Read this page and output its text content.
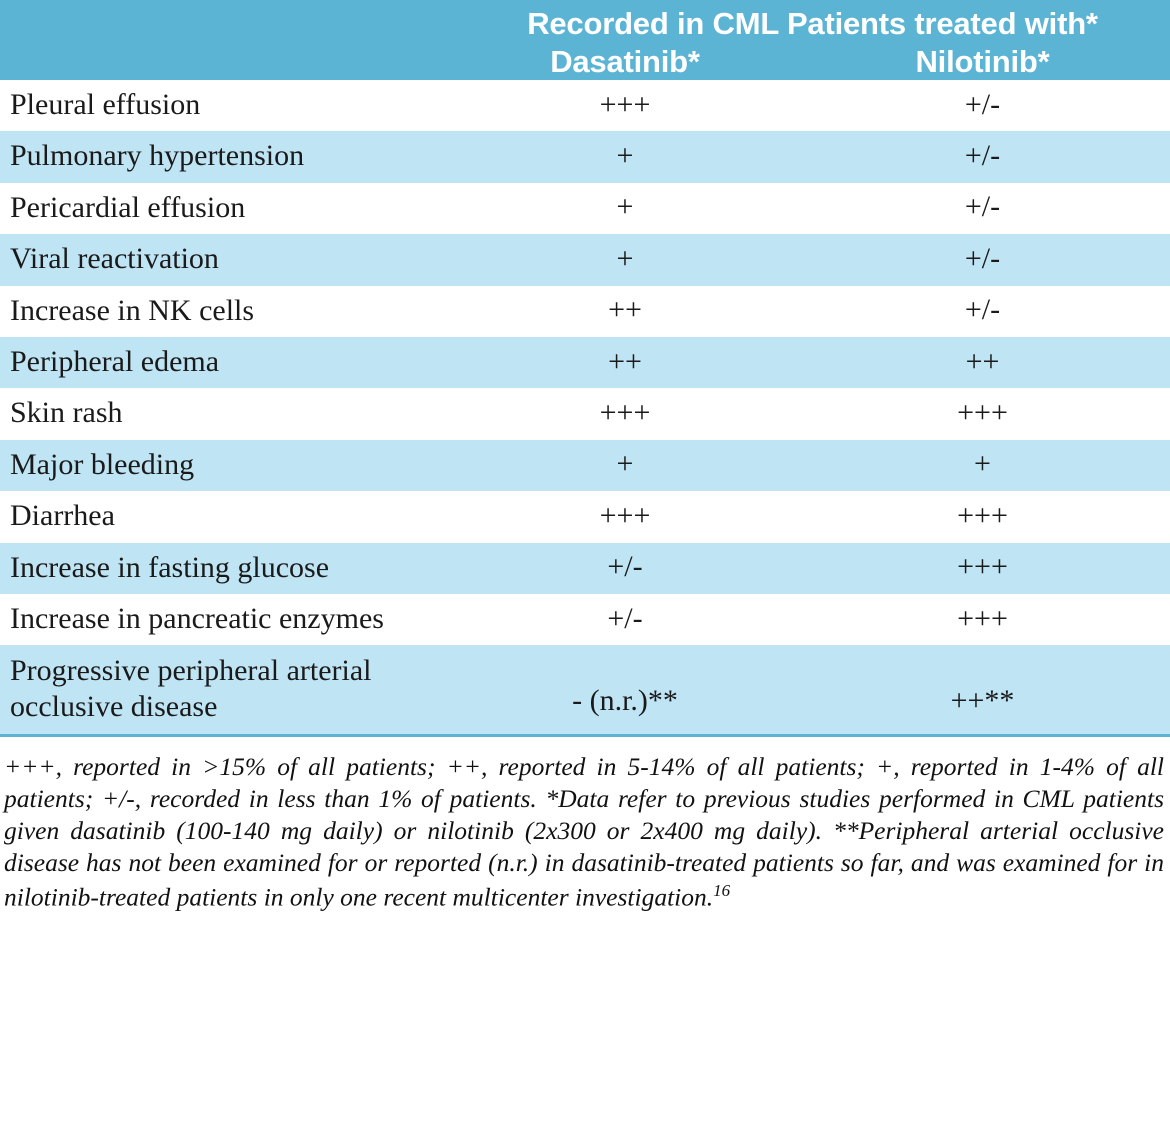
	Recorded in CML Patients treated with*	
	Dasatinib*	Nilotinib*
Pleural effusion	+++	+/-
Pulmonary hypertension	+	+/-
Pericardial effusion	+	+/-
Viral reactivation	+	+/-
Increase in NK cells	++	+/-
Peripheral edema	++	++
Skin rash	+++	+++
Major bleeding	+	+
Diarrhea	+++	+++
Increase in fasting glucose	+/-	+++
Increase in pancreatic enzymes	+/-	+++
Progressive peripheral arterial occlusive disease	- (n.r.)**	++**
+++, reported in >15% of all patients; ++, reported in 5-14% of all patients; +, reported in 1-4% of all patients; +/-, recorded in less than 1% of patients. *Data refer to previous studies performed in CML patients given dasatinib (100-140 mg daily) or nilotinib (2x300 or 2x400 mg daily). **Peripheral arterial occlusive disease has not been examined for or reported (n.r.) in dasatinib-treated patients so far, and was examined for in nilotinib-treated patients in only one recent multicenter investigation.$^{16}$
